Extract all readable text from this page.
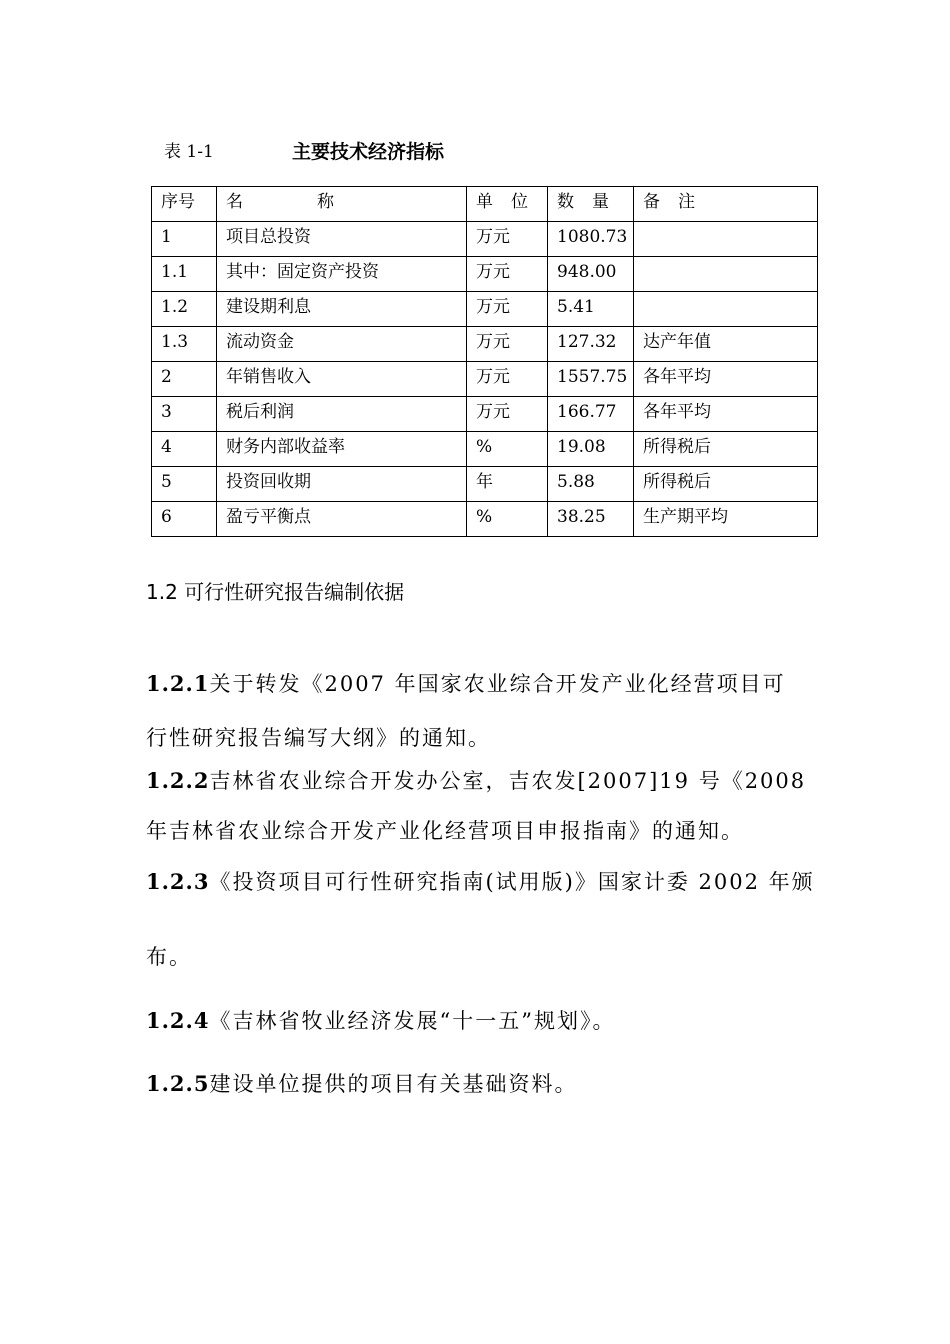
表 1-1	主要技术经济指标
序号	名称	单位	数量	备注
1	项目总投资	万元	1080.73	
1.1	其中：固定资产投资	万元	948.00	
1.2	建设期利息	万元	5.41	
1.3	流动资金	万元	127.32	达产年值
2	年销售收入	万元	1557.75	各年平均
3	税后利润	万元	166.77	各年平均
4	财务内部收益率	%	19.08	所得税后
5	投资回收期	年	5.88	所得税后
6	盈亏平衡点	%	38.25	生产期平均
1.2 可行性研究报告编制依据
1.2.1关于转发《2007 年国家农业综合开发产业化经营项目可
行性研究报告编写大纲》的通知。
1.2.2吉林省农业综合开发办公室，吉农发[2007]19 号《2008
年吉林省农业综合开发产业化经营项目申报指南》的通知。
1.2.3《投资项目可行性研究指南(试用版)》国家计委 2002 年颁
布。
1.2.4《吉林省牧业经济发展“十一五”规划》。
1.2.5建设单位提供的项目有关基础资料。
